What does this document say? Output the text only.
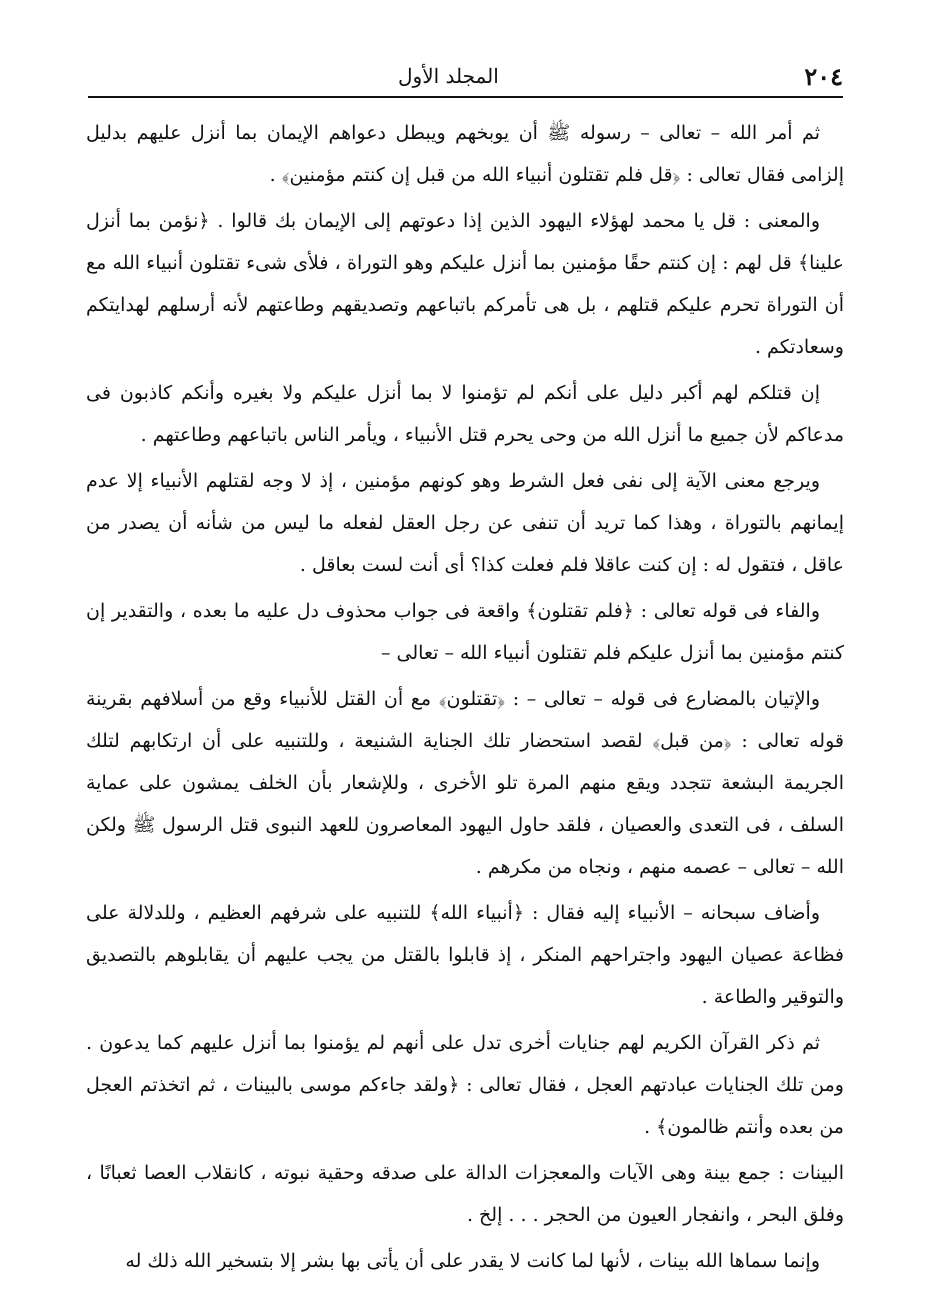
٢٠٤
المجلد الأول

ثم أمر الله – تعالى – رسوله ﷺ أن يوبخهم ويبطل دعواهم الإيمان بما أنزل عليهم بدليل إلزامى فقال تعالى : ﴿قل فلم تقتلون أنبياء الله من قبل إن كنتم مؤمنين﴾ .

والمعنى : قل يا محمد لهؤلاء اليهود الذين إذا دعوتهم إلى الإيمان بك قالوا . ﴿نؤمن بما أنزل علينا﴾ قل لهم : إن كنتم حقًا مؤمنين بما أنزل عليكم وهو التوراة ، فلأى شىء تقتلون أنبياء الله مع أن التوراة تحرم عليكم قتلهم ، بل هى تأمركم باتباعهم وتصديقهم وطاعتهم لأنه أرسلهم لهدايتكم وسعادتكم .

إن قتلكم لهم أكبر دليل على أنكم لم تؤمنوا لا بما أنزل عليكم ولا بغيره وأنكم كاذبون فى مدعاكم لأن جميع ما أنزل الله من وحى يحرم قتل الأنبياء ، ويأمر الناس باتباعهم وطاعتهم .

ويرجع معنى الآية إلى نفى فعل الشرط وهو كونهم مؤمنين ، إذ لا وجه لقتلهم الأنبياء إلا عدم إيمانهم بالتوراة ، وهذا كما تريد أن تنفى عن رجل العقل لفعله ما ليس من شأنه أن يصدر من عاقل ، فتقول له : إن كنت عاقلا فلم فعلت كذا؟ أى أنت لست بعاقل .

والفاء فى قوله تعالى : ﴿فلم تقتلون﴾ واقعة فى جواب محذوف دل عليه ما بعده ، والتقدير إن كنتم مؤمنين بما أنزل عليكم فلم تقتلون أنبياء الله – تعالى –

والإتيان بالمضارع فى قوله – تعالى – : ﴿تقتلون﴾ مع أن القتل للأنبياء وقع من أسلافهم بقرينة قوله تعالى : ﴿من قبل﴾ لقصد استحضار تلك الجناية الشنيعة ، وللتنبيه على أن ارتكابهم لتلك الجريمة البشعة تتجدد ويقع منهم المرة تلو الأخرى ، وللإشعار بأن الخلف يمشون على عماية السلف ، فى التعدى والعصيان ، فلقد حاول اليهود المعاصرون للعهد النبوى قتل الرسول ﷺ ولكن الله – تعالى – عصمه منهم ، ونجاه من مكرهم .

وأضاف سبحانه – الأنبياء إليه فقال : ﴿أنبياء الله﴾ للتنبيه على شرفهم العظيم ، وللدلالة على فظاعة عصيان اليهود واجتراحهم المنكر ، إذ قابلوا بالقتل من يجب عليهم أن يقابلوهم بالتصديق والتوقير والطاعة .

ثم ذكر القرآن الكريم لهم جنايات أخرى تدل على أنهم لم يؤمنوا بما أنزل عليهم كما يدعون . ومن تلك الجنايات عبادتهم العجل ، فقال تعالى : ﴿ولقد جاءكم موسى بالبينات ، ثم اتخذتم العجل من بعده وأنتم ظالمون﴾ .

البينات : جمع بينة وهى الآيات والمعجزات الدالة على صدقه وحقية نبوته ، كانقلاب العصا ثعبانًا ، وفلق البحر ، وانفجار العيون من الحجر . . . إلخ .

وإنما سماها الله بينات ، لأنها لما كانت لا يقدر على أن يأتى بها بشر إلا بتسخير الله ذلك له
